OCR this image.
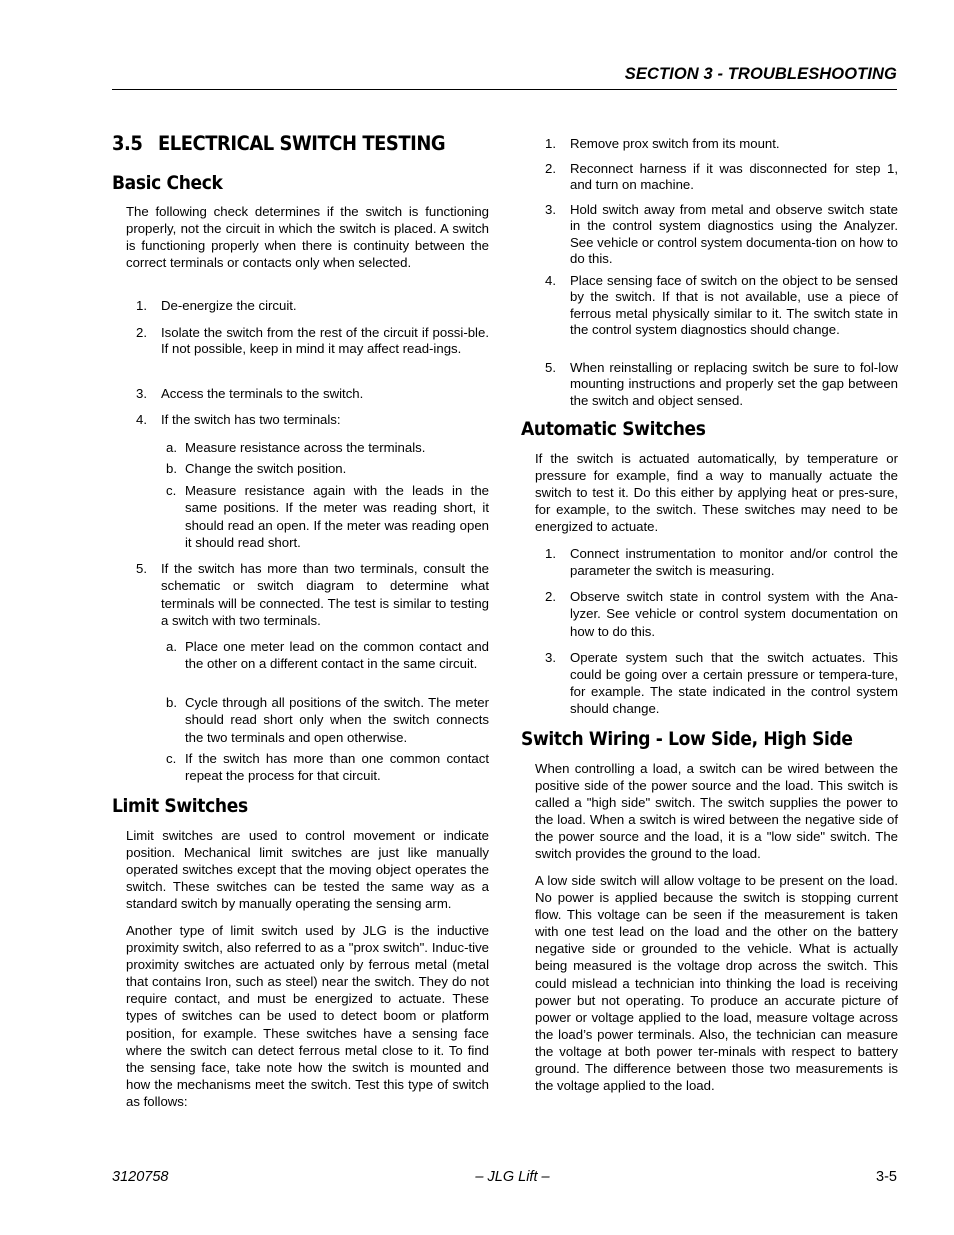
SECTION 3 - TROUBLESHOOTING
3.5 ELECTRICAL SWITCH TESTING
Basic Check

The following check determines if the switch is functioning properly, not the circuit in which the switch is placed. A switch is functioning properly when there is continuity between the correct terminals or contacts only when selected.

1. De-energize the circuit.
2. Isolate the switch from the rest of the circuit if possi-ble. If not possible, keep in mind it may affect read-ings.
3. Access the terminals to the switch.
4. If the switch has two terminals:
a. Measure resistance across the terminals.
b. Change the switch position.
c. Measure resistance again with the leads in the same positions. If the meter was reading short, it should read an open. If the meter was reading open it should read short.
5. If the switch has more than two terminals, consult the schematic or switch diagram to determine what terminals will be connected. The test is similar to testing a switch with two terminals.
a. Place one meter lead on the common contact and the other on a different contact in the same circuit.
b. Cycle through all positions of the switch. The meter should read short only when the switch connects the two terminals and open otherwise.
c. If the switch has more than one common contact repeat the process for that circuit.
Limit Switches

Limit switches are used to control movement or indicate position. Mechanical limit switches are just like manually operated switches except that the moving object operates the switch. These switches can be tested the same way as a standard switch by manually operating the sensing arm.

Another type of limit switch used by JLG is the inductive proximity switch, also referred to as a "prox switch". Induc-tive proximity switches are actuated only by ferrous metal (metal that contains Iron, such as steel) near the switch. They do not require contact, and must be energized to actuate. These types of switches can be used to detect boom or platform position, for example. These switches have a sensing face where the switch can detect ferrous metal close to it. To find the sensing face, take note how the switch is mounted and how the mechanisms meet the switch. Test this type of switch as follows:

1. Remove prox switch from its mount.
2. Reconnect harness if it was disconnected for step 1, and turn on machine.
3. Hold switch away from metal and observe switch state in the control system diagnostics using the Analyzer. See vehicle or control system documenta-tion on how to do this.
4. Place sensing face of switch on the object to be sensed by the switch. If that is not available, use a piece of ferrous metal physically similar to it. The switch state in the control system diagnostics should change.
5. When reinstalling or replacing switch be sure to fol-low mounting instructions and properly set the gap between the switch and object sensed.
Automatic Switches

If the switch is actuated automatically, by temperature or pressure for example, find a way to manually actuate the switch to test it. Do this either by applying heat or pres-sure, for example, to the switch. These switches may need to be energized to actuate.

1. Connect instrumentation to monitor and/or control the parameter the switch is measuring.
2. Observe switch state in control system with the Ana-lyzer. See vehicle or control system documentation on how to do this.
3. Operate system such that the switch actuates. This could be going over a certain pressure or tempera-ture, for example. The state indicated in the control system should change.
Switch Wiring - Low Side, High Side

When controlling a load, a switch can be wired between the positive side of the power source and the load. This switch is called a "high side" switch. The switch supplies the power to the load. When a switch is wired between the negative side of the power source and the load, it is a "low side" switch. The switch provides the ground to the load.

A low side switch will allow voltage to be present on the load. No power is applied because the switch is stopping current flow. This voltage can be seen if the measurement is taken with one test lead on the load and the other on the battery negative side or grounded to the vehicle. What is actually being measured is the voltage drop across the switch. This could mislead a technician into thinking the load is receiving power but not operating. To produce an accurate picture of power or voltage applied to the load, measure voltage across the load’s power terminals. Also, the technician can measure the voltage at both power ter-minals with respect to battery ground. The difference between those two measurements is the voltage applied to the load.

3120758	– JLG Lift –	3-5
